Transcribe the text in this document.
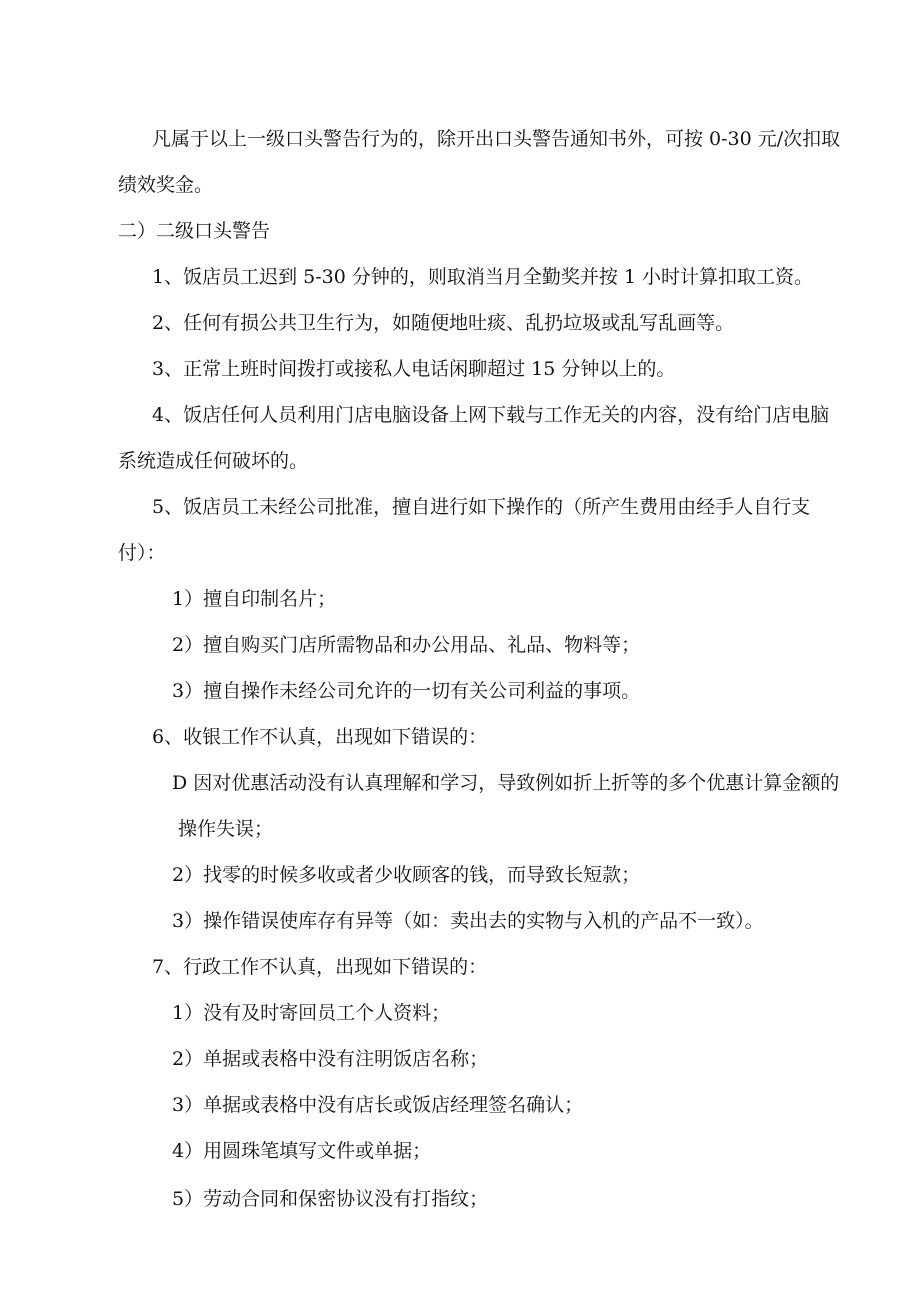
凡属于以上一级口头警告行为的，除开出口头警告通知书外，可按 0-30 元/次扣取

绩效奖金。

二）二级口头警告

1、饭店员工迟到 5-30 分钟的，则取消当月全勤奖并按 1 小时计算扣取工资。

2、任何有损公共卫生行为，如随便地吐痰、乱扔垃圾或乱写乱画等。

3、正常上班时间拨打或接私人电话闲聊超过 15 分钟以上的。

4、饭店任何人员利用门店电脑设备上网下载与工作无关的内容，没有给门店电脑

系统造成任何破坏的。

5、饭店员工未经公司批准，擅自进行如下操作的（所产生费用由经手人自行支

付）：

1）擅自印制名片；

2）擅自购买门店所需物品和办公用品、礼品、物料等；

3）擅自操作未经公司允许的一切有关公司利益的事项。

6、收银工作不认真，出现如下错误的：

D 因对优惠活动没有认真理解和学习，导致例如折上折等的多个优惠计算金额的

操作失误；

2）找零的时候多收或者少收顾客的钱，而导致长短款；

3）操作错误使库存有异等（如：卖出去的实物与入机的产品不一致）。

7、行政工作不认真，出现如下错误的：

1）没有及时寄回员工个人资料；

2）单据或表格中没有注明饭店名称；

3）单据或表格中没有店长或饭店经理签名确认；

4）用圆珠笔填写文件或单据；

5）劳动合同和保密协议没有打指纹；
